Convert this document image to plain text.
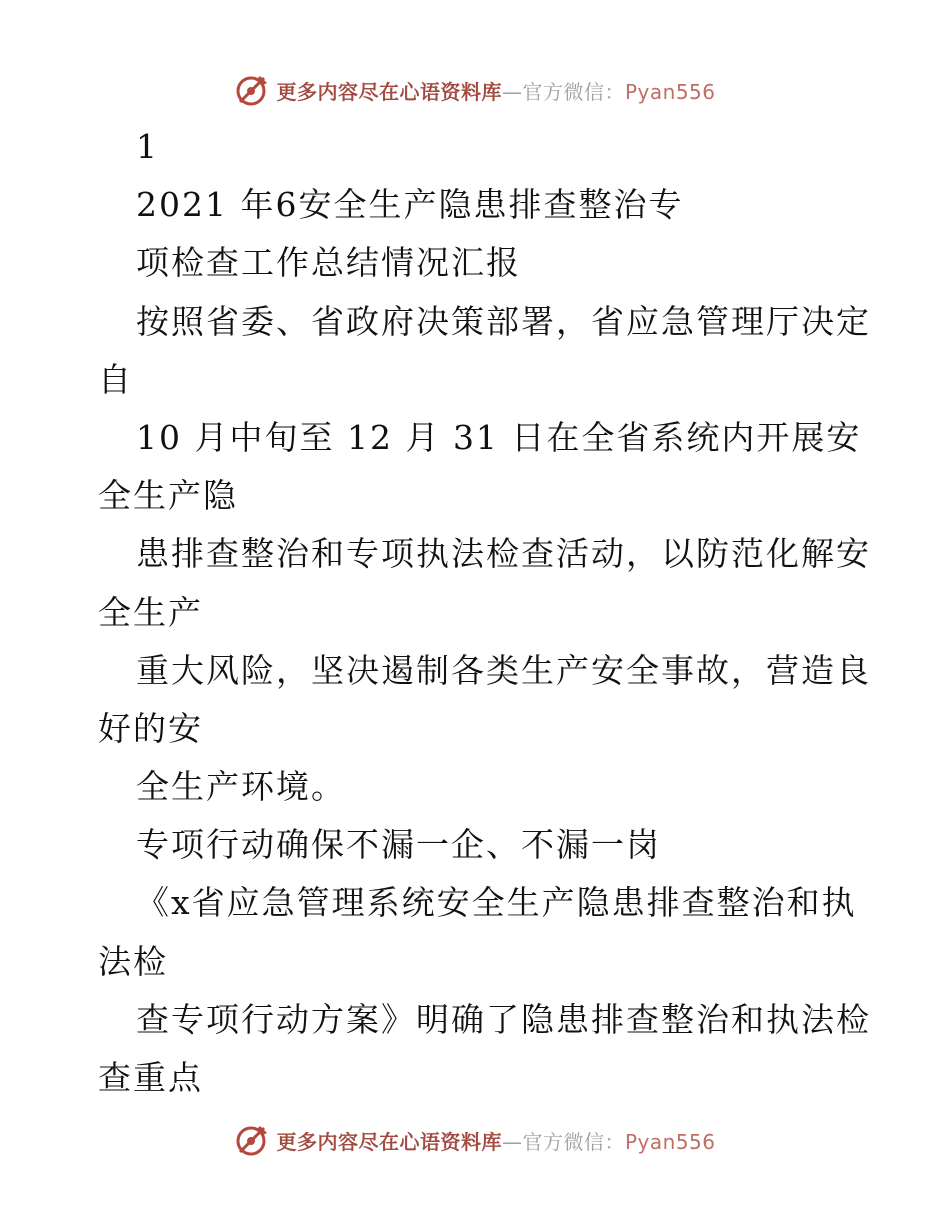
更多内容尽在心语资料库—官方微信：Pyan556
1
2021 年6安全生产隐患排查整治专
项检查工作总结情况汇报
按照省委、省政府决策部署，省应急管理厅决定
自
10 月中旬至 12 月 31 日在全省系统内开展安
全生产隐
患排查整治和专项执法检查活动，以防范化解安
全生产
重大风险，坚决遏制各类生产安全事故，营造良
好的安
全生产环境。
专项行动确保不漏一企、不漏一岗
《x省应急管理系统安全生产隐患排查整治和执
法检
查专项行动方案》明确了隐患排查整治和执法检
查重点
更多内容尽在心语资料库—官方微信：Pyan556
